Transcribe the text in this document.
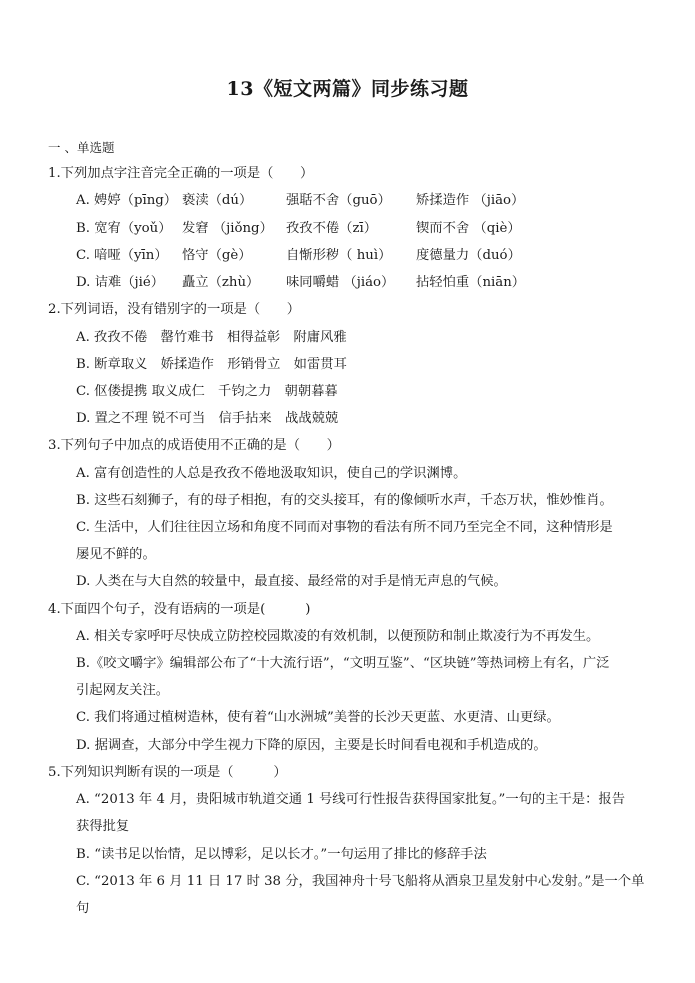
13《短文两篇》同步练习题
一 、单选题
1.下列加点字注音完全正确的一项是（　　）
A. 娉婷（pīng） 亵渎（dú）	强聒不舍（guō）	矫揉造作 （jiāo）
B. 宽宥（yoǔ） 发窘 （jiǒng） 孜孜不倦（zī）	锲而不舍 （qiè）
C. 喑哑（yīn）	恪守（gè）	自惭形秽（ huì）	度德量力（duó）
D. 诘难（jié）	矗立（zhù）	味同嚼蜡 （jiáo）	拈轻怕重（niān）
2.下列词语，没有错别字的一项是（　　）
A. 孜孜不倦　罄竹难书　相得益彰　附庸风雅
B. 断章取义　娇揉造作　形销骨立　如雷贯耳
C. 伛偻提携 取义成仁　千钧之力　朝朝暮暮
D. 置之不理 锐不可当　信手拈来　战战兢兢
3.下列句子中加点的成语使用不正确的是（　　）
A. 富有创造性的人总是孜孜不倦地汲取知识，使自己的学识渊博。
B. 这些石刻狮子，有的母子相抱，有的交头接耳，有的像倾听水声，千态万状，惟妙惟肖。
C. 生活中，人们往往因立场和角度不同而对事物的看法有所不同乃至完全不同，这种情形是
屡见不鲜的。
D. 人类在与大自然的较量中，最直接、最经常的对手是悄无声息的气候。
4.下面四个句子，没有语病的一项是(　　　)
A. 相关专家呼吁尽快成立防控校园欺凌的有效机制，以便预防和制止欺凌行为不再发生。
B.《咬文嚼字》编辑部公布了“十大流行语”，“文明互鉴”、“区块链”等热词榜上有名，广泛
引起网友关注。
C. 我们将通过植树造林，使有着“山水洲城”美誉的长沙天更蓝、水更清、山更绿。
D. 据调查，大部分中学生视力下降的原因，主要是长时间看电视和手机造成的。
5.下列知识判断有误的一项是（　　　）
A. “2013 年 4 月，贵阳城市轨道交通 1 号线可行性报告获得国家批复。”一句的主干是：报告
获得批复
B. “读书足以怡情，足以博彩，足以长才。”一句运用了排比的修辞手法
C. “2013 年 6 月 11 日 17 时 38 分，我国神舟十号飞船将从酒泉卫星发射中心发射。”是一个单
句
